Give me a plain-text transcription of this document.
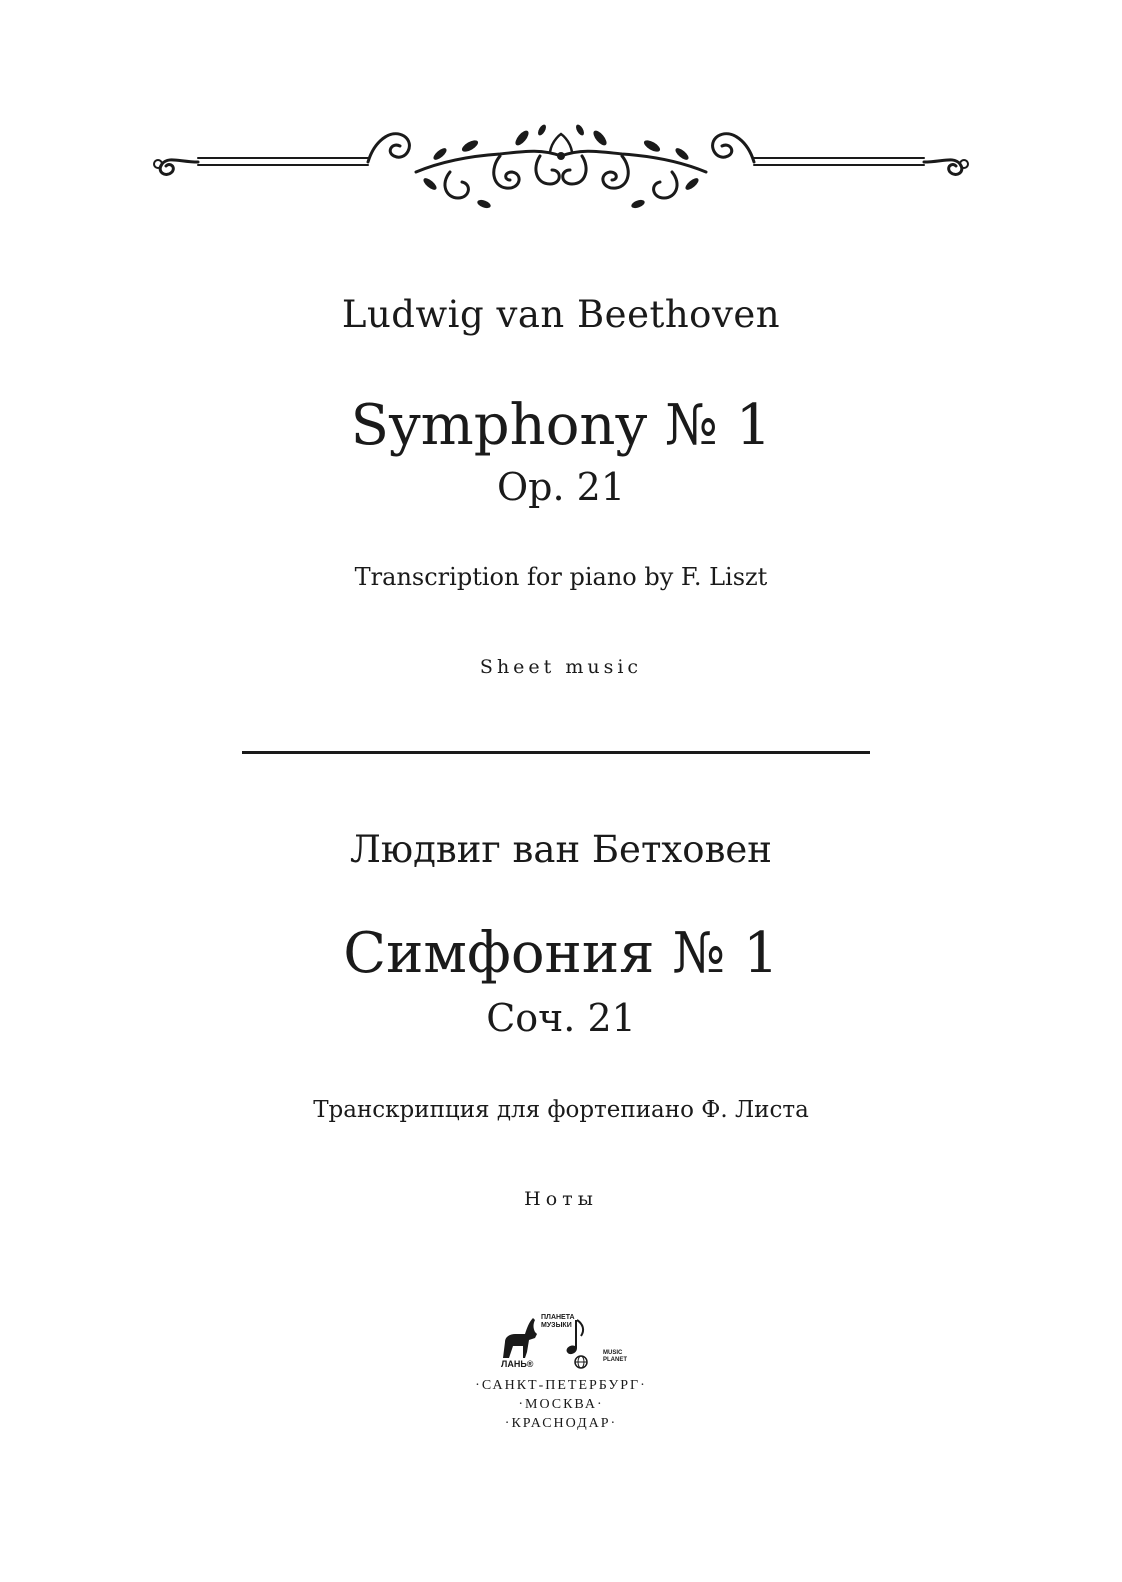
Ludwig van Beethoven
Symphony № 1
Op. 21
Transcription for piano by F. Liszt
Sheet music
Людвиг ван Бетховен
Симфония № 1
Соч. 21
Транскрипция для фортепиано Ф. Листа
Ноты
ЛАНЬ®
ПЛАНЕТА
МУЗЫКИ
MUSIC
PLANET
·САНКТ-ПЕТЕРБУРГ·
·МОСКВА·
·КРАСНОДАР·
